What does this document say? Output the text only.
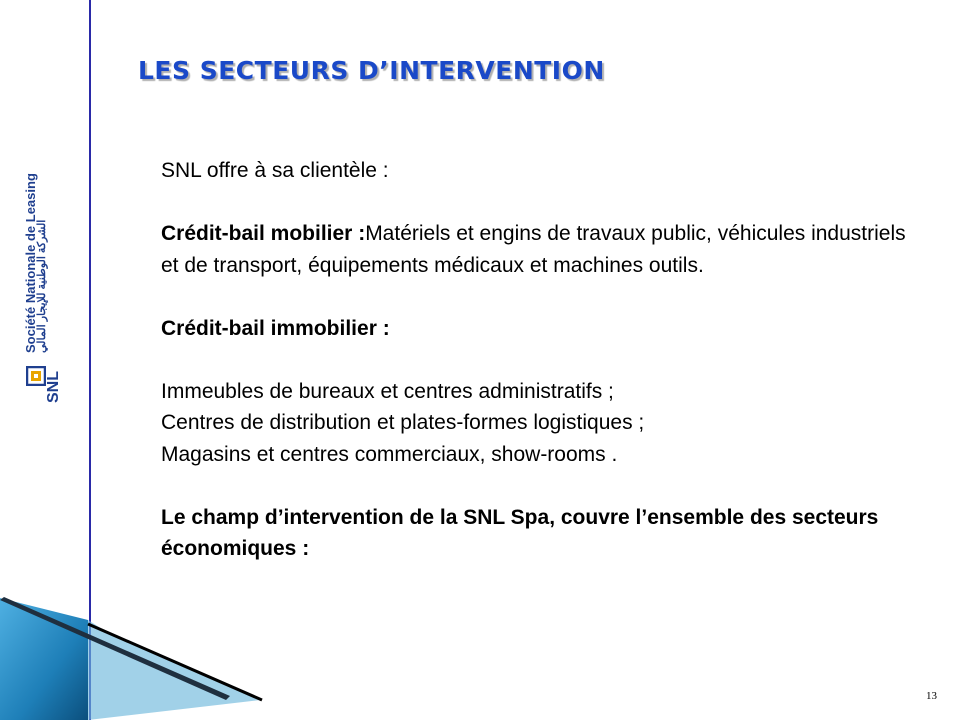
LES SECTEURS D’INTERVENTION
SNL
Société Nationale de Leasing
الشركة الوطنية للإيجار المالي

SNL offre à sa clientèle :

Crédit-bail mobilier :Matériels et engins de travaux public, véhicules industriels et de transport, équipements médicaux et machines outils.

Crédit-bail immobilier :

Immeubles de bureaux et centres administratifs ;

Centres de distribution et plates-formes logistiques ;

Magasins et centres commerciaux, show-rooms .

Le champ d’intervention de la SNL Spa, couvre l’ensemble des secteurs économiques :

13
